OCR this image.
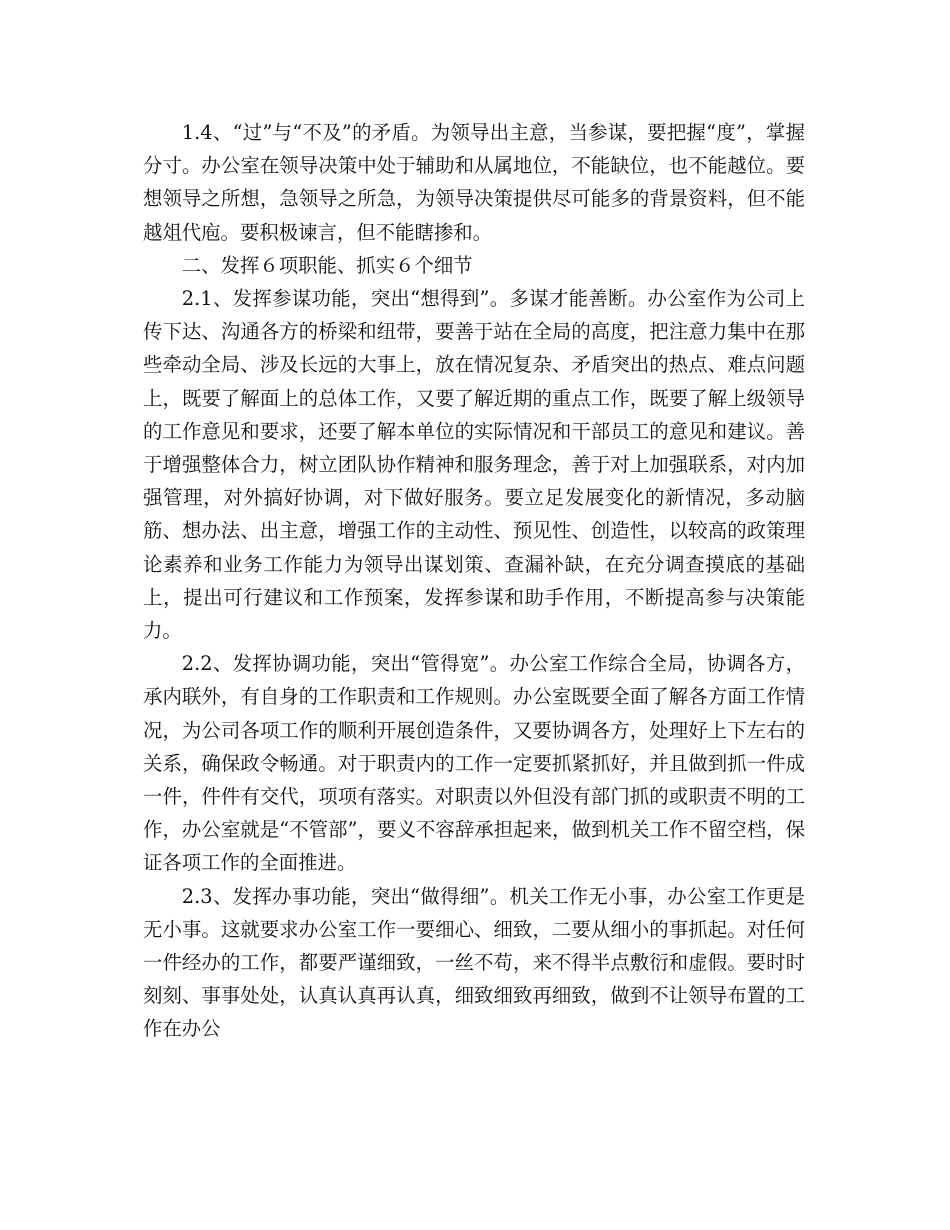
1.4、“过”与“不及”的矛盾。为领导出主意，当参谋，要把握“度”，掌握分寸。办公室在领导决策中处于辅助和从属地位，不能缺位，也不能越位。要想领导之所想，急领导之所急，为领导决策提供尽可能多的背景资料，但不能越俎代庖。要积极谏言，但不能瞎掺和。

二、发挥６项职能、抓实６个细节

2.1、发挥参谋功能，突出“想得到”。多谋才能善断。办公室作为公司上传下达、沟通各方的桥梁和纽带，要善于站在全局的高度，把注意力集中在那些牵动全局、涉及长远的大事上，放在情况复杂、矛盾突出的热点、难点问题上，既要了解面上的总体工作，又要了解近期的重点工作，既要了解上级领导的工作意见和要求，还要了解本单位的实际情况和干部员工的意见和建议。善于增强整体合力，树立团队协作精神和服务理念，善于对上加强联系，对内加强管理，对外搞好协调，对下做好服务。要立足发展变化的新情况，多动脑筋、想办法、出主意，增强工作的主动性、预见性、创造性，以较高的政策理论素养和业务工作能力为领导出谋划策、查漏补缺，在充分调查摸底的基础上，提出可行建议和工作预案，发挥参谋和助手作用，不断提高参与决策能力。

2.2、发挥协调功能，突出“管得宽”。办公室工作综合全局，协调各方，承内联外，有自身的工作职责和工作规则。办公室既要全面了解各方面工作情况，为公司各项工作的顺利开展创造条件，又要协调各方，处理好上下左右的关系，确保政令畅通。对于职责内的工作一定要抓紧抓好，并且做到抓一件成一件，件件有交代，项项有落实。对职责以外但没有部门抓的或职责不明的工作，办公室就是“不管部”，要义不容辞承担起来，做到机关工作不留空档，保证各项工作的全面推进。

2.3、发挥办事功能，突出“做得细”。机关工作无小事，办公室工作更是无小事。这就要求办公室工作一要细心、细致，二要从细小的事抓起。对任何一件经办的工作，都要严谨细致，一丝不苟，来不得半点敷衍和虚假。要时时刻刻、事事处处，认真认真再认真，细致细致再细致，做到不让领导布置的工作在办公
